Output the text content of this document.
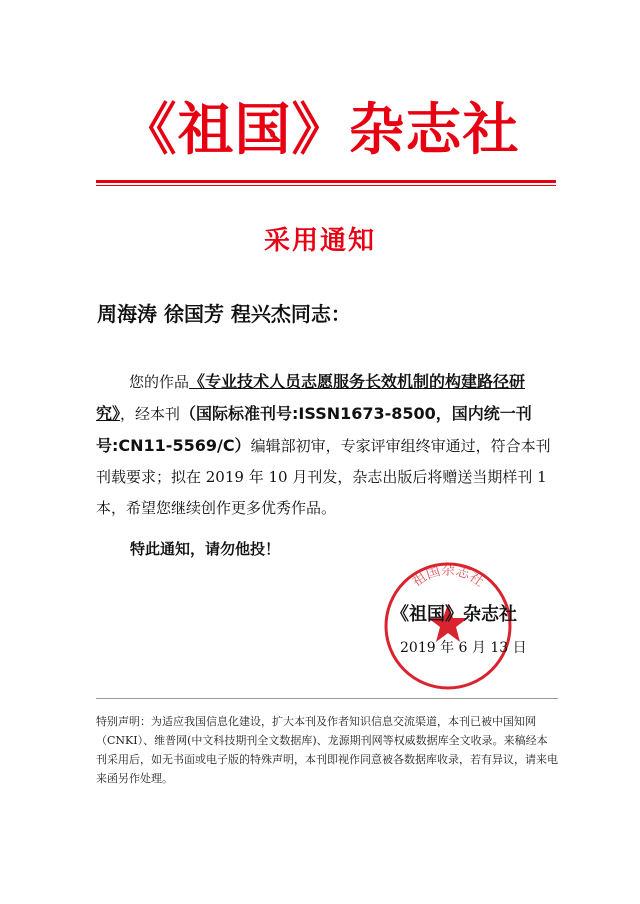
《祖国》杂志社
采用通知
周海涛 徐国芳 程兴杰同志：
您的作品《专业技术人员志愿服务长效机制的构建路径研究》，经本刊（国际标准刊号:ISSN1673-8500，国内统一刊号:CN11-5569/C）编辑部初审，专家评审组终审通过，符合本刊刊载要求；拟在 2019 年 10 月刊发，杂志出版后将赠送当期样刊 1 本，希望您继续创作更多优秀作品。
特此通知，请勿他投！
祖国杂志社
《祖国》杂志社
2019 年 6 月 13 日
特别声明：为适应我国信息化建设，扩大本刊及作者知识信息交流渠道，本刊已被中国知网（CNKI）、维普网(中文科技期刊全文数据库)、龙源期刊网等权威数据库全文收录。来稿经本刊采用后，如无书面或电子版的特殊声明，本刊即视作同意被各数据库收录，若有异议，请来电来函另作处理。
